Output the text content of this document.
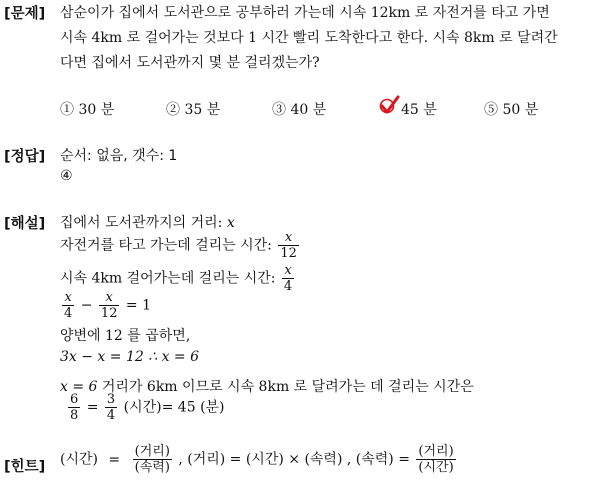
[문제] 삼순이가 집에서 도서관으로 공부하러 가는데 시속 12km 로 자전거를 타고 가면
시속 4km 로 걸어가는 것보다 1 시간 빨리 도착한다고 한다. 시속 8km 로 달려간
다면 집에서 도서관까지 몇 분 걸리겠는가?
① 30 분	② 35 분	③ 40 분	45 분	⑤ 50 분
[정답] 순서: 없음, 갯수: 1
④
[해설] 집에서 도서관까지의 거리: x
자전거를 타고 가는데 걸리는 시간: $\frac{x}{12}$
시속 4km 걸어가는데 걸리는 시간: $\frac{x}{4}$
$\frac{x}{4} - \frac{x}{12} = 1$
양변에 12 를 곱하면,
3x − x = 12 ∴ x = 6
x = 6 거리가 6km 이므로 시속 8km 로 달려가는 데 걸리는 시간은
$\frac{6}{8} = \frac{3}{4}$ (시간)= 45 (분)
[힌트] (시간) = $\frac{\text{(거리)}}{\text{(속력)}}$ , (거리) = (시간) × (속력) , (속력) = $\frac{\text{(거리)}}{\text{(시간)}}$
